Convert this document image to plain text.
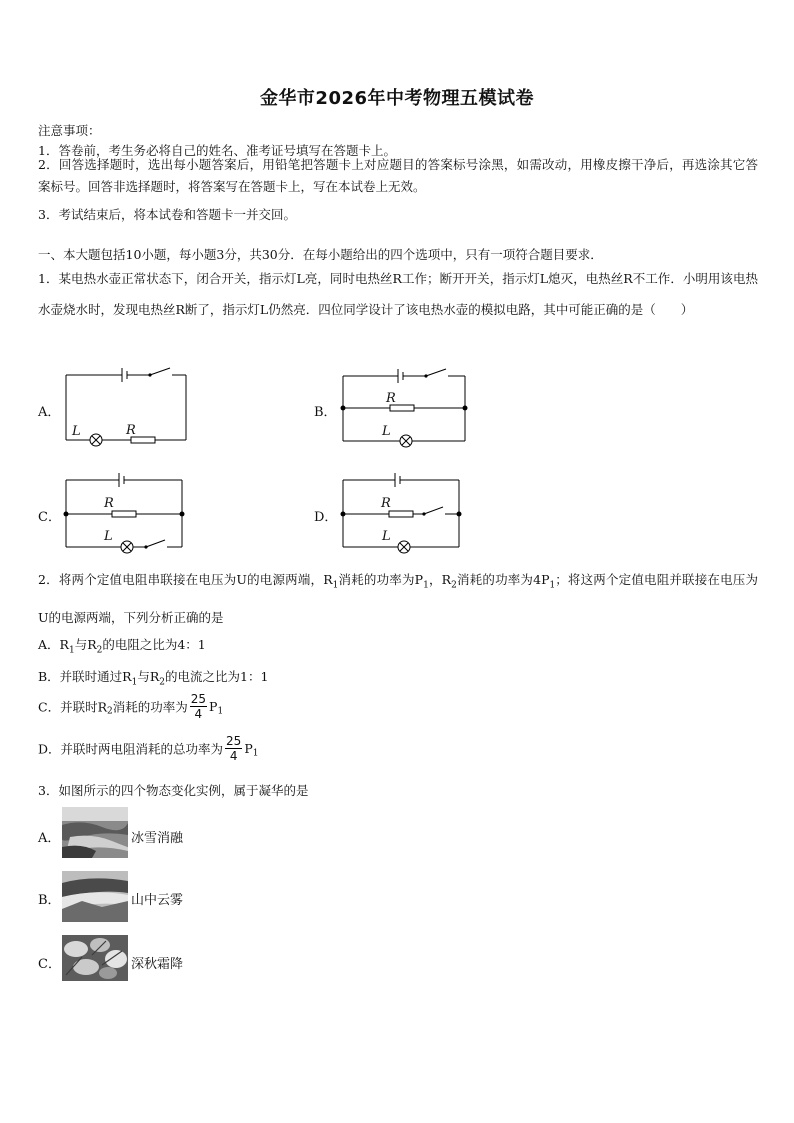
金华市2026年中考物理五模试卷
注意事项：
1．答卷前，考生务必将自己的姓名、准考证号填写在答题卡上。
2．回答选择题时，选出每小题答案后，用铅笔把答题卡上对应题目的答案标号涂黑，如需改动，用橡皮擦干净后，再选涂其它答案标号。回答非选择题时，将答案写在答题卡上，写在本试卷上无效。
3．考试结束后，将本试卷和答题卡一并交回。
一、本大题包括10小题，每小题3分，共30分．在每小题给出的四个选项中，只有一项符合题目要求．
1．某电热水壶正常状态下，闭合开关，指示灯L亮，同时电热丝R工作；断开开关，指示灯L熄灭，电热丝R不工作．小明用该电热水壶烧水时，发现电热丝R断了，指示灯L仍然亮．四位同学设计了该电热水壶的模拟电路，其中可能正确的是（　　）
A．	B．
C．	D．
L	R
R
L
R
L
R
L
2．将两个定值电阻串联接在电压为U的电源两端，$R_1$消耗的功率为$P_1$，$R_2$消耗的功率为$4P_1$；将这两个定值电阻并联接在电压为U的电源两端，下列分析正确的是
A．$R_1$与$R_2$的电阻之比为4：1
B．并联时通过$R_1$与$R_2$的电流之比为1：1
C．并联时$R_2$消耗的功率为 $\frac{25}{4} P_1$
D．并联时两电阻消耗的总功率为 $\frac{25}{4} P_1$
3．如图所示的四个物态变化实例，属于凝华的是
A．	冰雪消融
B．	山中云雾
C．	深秋霜降
